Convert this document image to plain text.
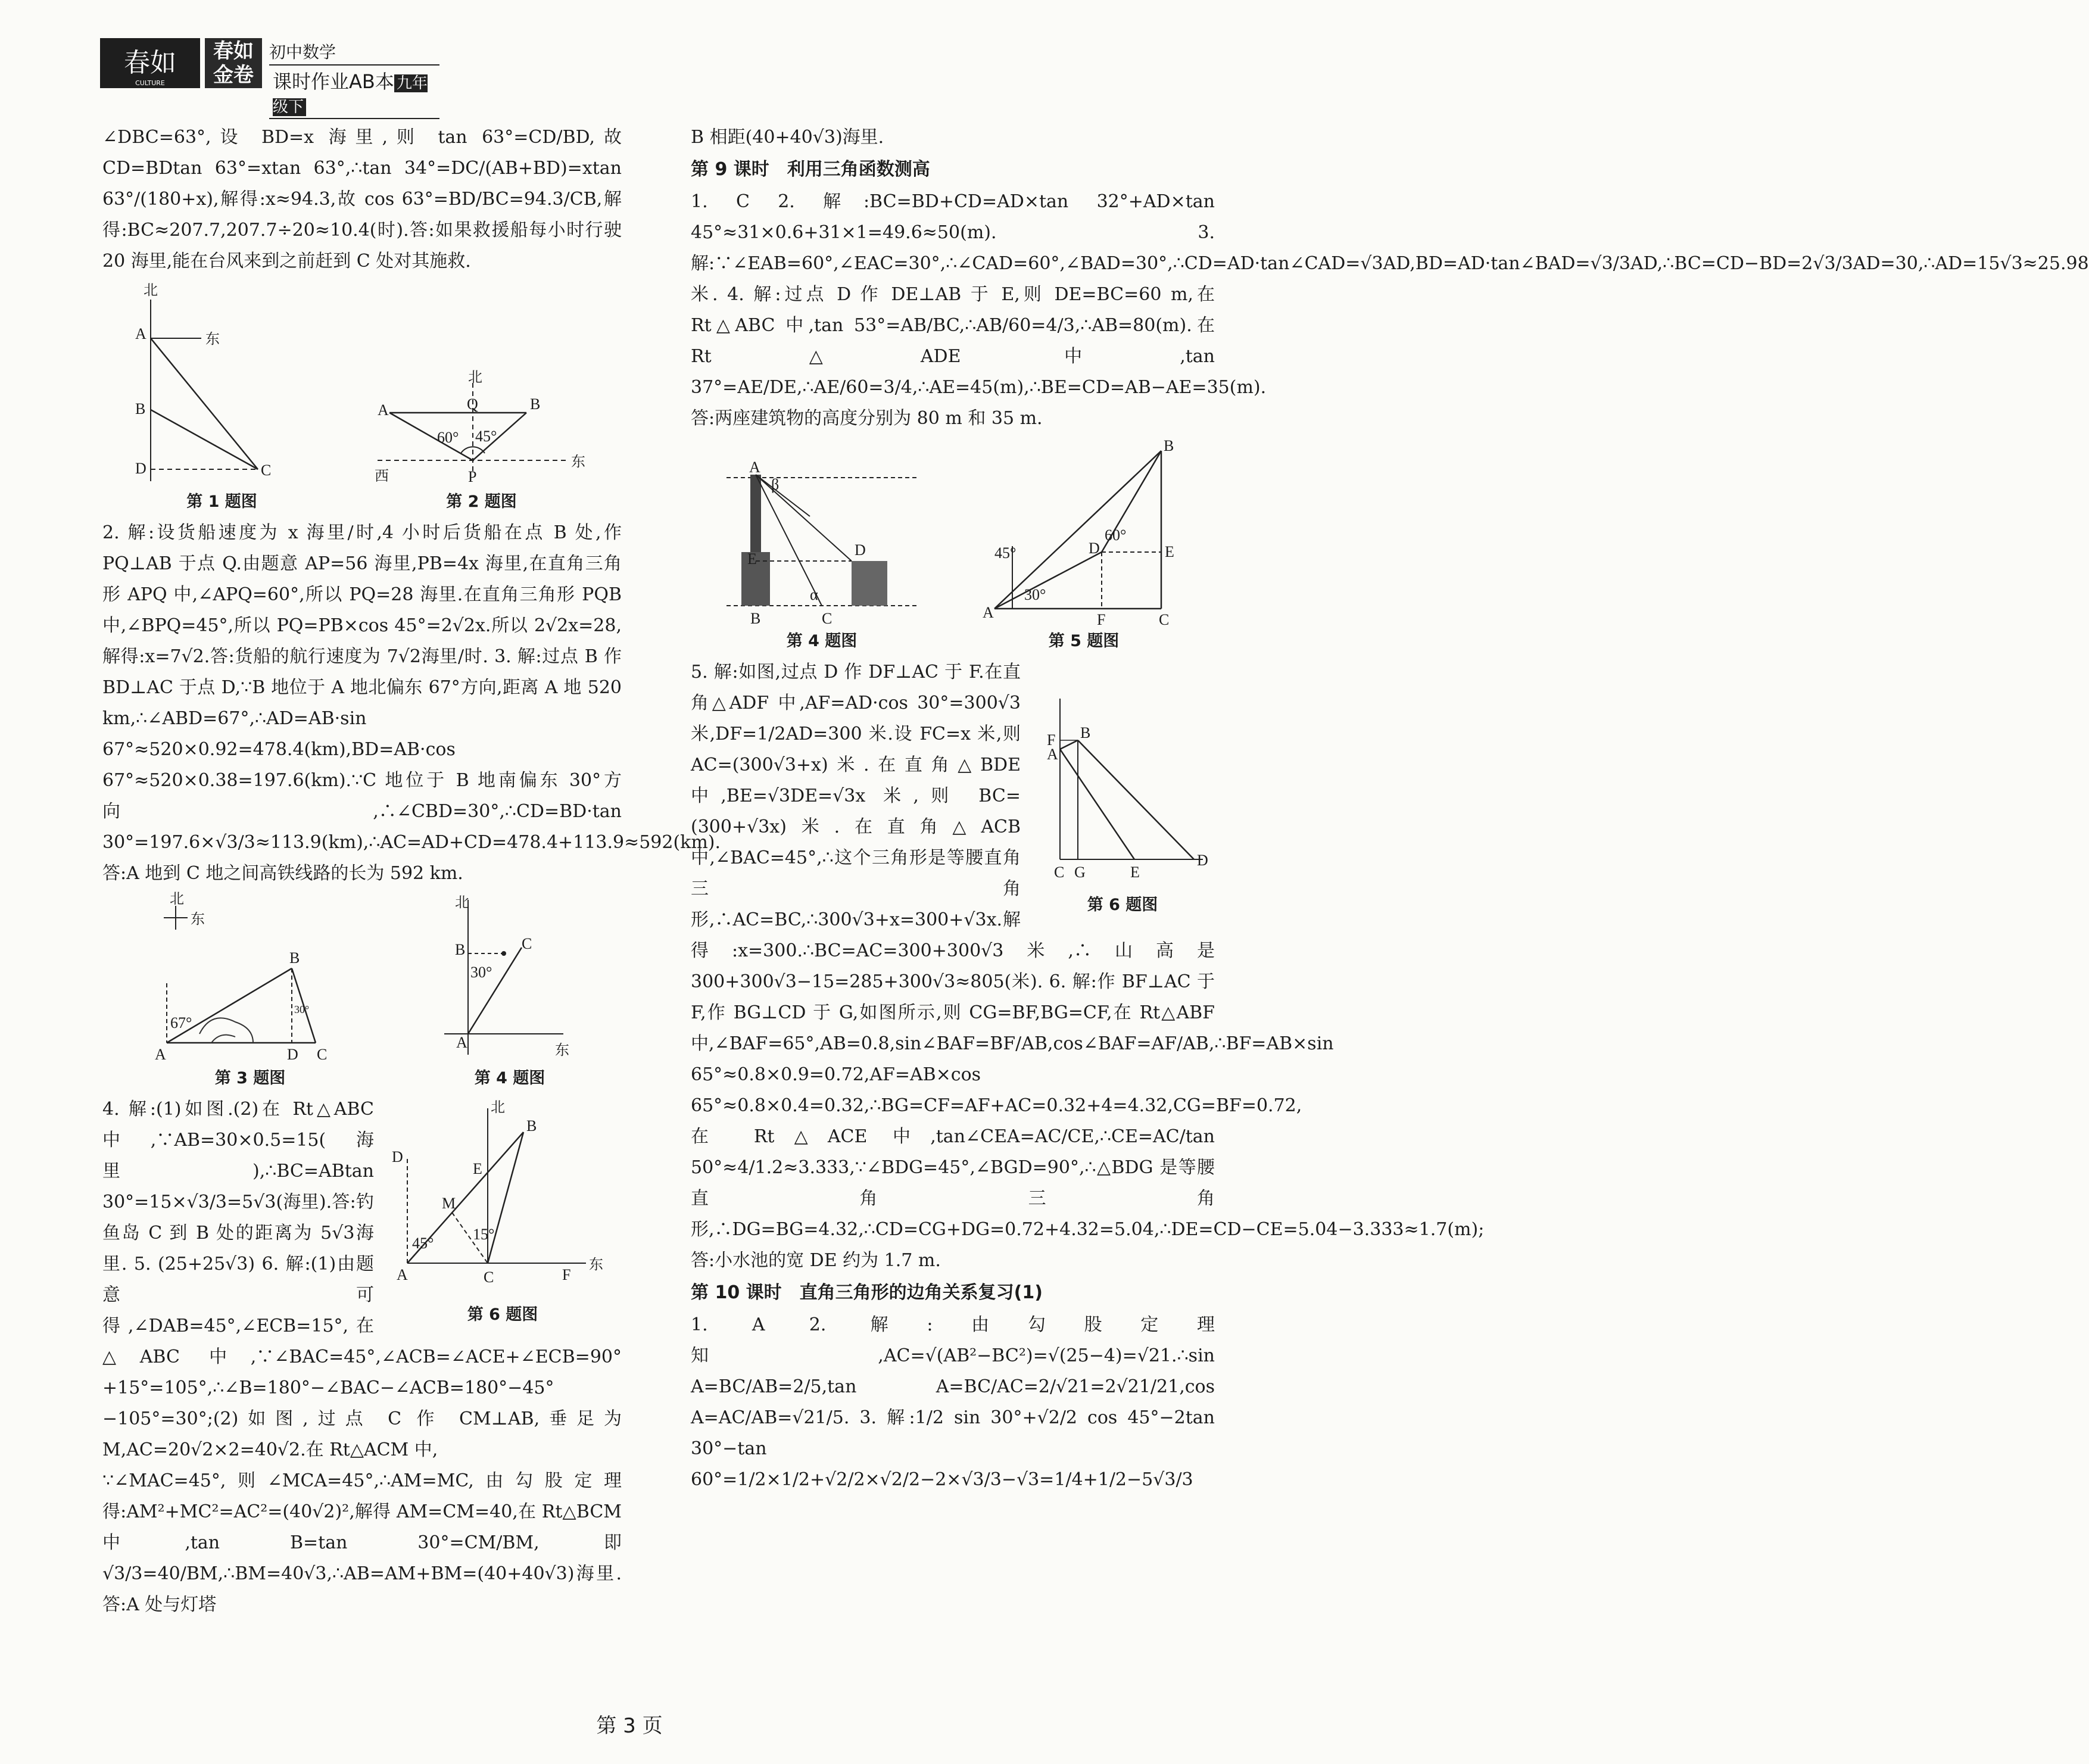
春如
CULTURE
春如
金卷
初中数学
课时作业AB本 九年级下

∠DBC=63°,设 BD=x 海里,则 tan 63°=CD/BD,故 CD=BDtan 63°=xtan 63°,∴tan 34°=DC/(AB+BD)=xtan 63°/(180+x),解得:x≈94.3,故 cos 63°=BD/BC=94.3/CB,解得:BC≈207.7,207.7÷20≈10.4(时).答:如果救援船每小时行驶 20 海里,能在台风来到之前赶到 C 处对其施救.

北
东
A
B
D	C
第 1 题图
北
Q
A	B
60° 45°
P
西
东
第 2 题图

2. 解:设货船速度为 x 海里/时,4 小时后货船在点 B 处,作 PQ⊥AB 于点 Q.由题意 AP=56 海里,PB=4x 海里,在直角三角形 APQ 中,∠APQ=60°,所以 PQ=28 海里.在直角三角形 PQB 中,∠BPQ=45°,所以 PQ=PB×cos 45°=2√2x.所以 2√2x=28,解得:x=7√2.答:货船的航行速度为 7√2海里/时. 3. 解:过点 B 作 BD⊥AC 于点 D,∵B 地位于 A 地北偏东 67°方向,距离 A 地 520 km,∴∠ABD=67°,∴AD=AB·sin 67°≈520×0.92=478.4(km),BD=AB·cos 67°≈520×0.38=197.6(km).∵C 地位于 B 地南偏东 30°方向,∴∠CBD=30°,∴CD=BD·tan 30°=197.6×√3/3≈113.9(km),∴AC=AD+CD=478.4+113.9≈592(km).答:A 地到 C 地之间高铁线路的长为 592 km.

北
东
67°
30°
A
B
D C
第 3 题图
北
东
B	C
30°
A
第 4 题图
北
东
D
B
E
M
45°
15°
A	C	F
第 6 题图

4. 解:(1)如图.(2)在 Rt△ABC 中,∵AB=30×0.5=15(海里),∴BC=ABtan 30°=15×√3/3=5√3(海里).答:钓鱼岛 C 到 B 处的距离为 5√3海里. 5. (25+25√3) 6. 解:(1)由题意可得,∠DAB=45°,∠ECB=15°,在△ABC 中,∵∠BAC=45°,∠ACB=∠ACE+∠ECB=90°+15°=105°,∴∠B=180°−∠BAC−∠ACB=180°−45°−105°=30°;(2)如图,过点 C 作 CM⊥AB,垂足为 M,AC=20√2×2=40√2.在 Rt△ACM 中,

∵∠MAC=45°,则∠MCA=45°,∴AM=MC,由勾股定理得:AM²+MC²=AC²=(40√2)²,解得 AM=CM=40,在 Rt△BCM 中,tan B=tan 30°=CM/BM,即 √3/3=40/BM,∴BM=40√3,∴AB=AM+BM=(40+40√3)海里.答:A 处与灯塔

B 相距(40+40√3)海里.

第 9 课时　利用三角函数测高

1. C 2. 解:BC=BD+CD=AD×tan 32°+AD×tan 45°≈31×0.6+31×1=49.6≈50(m). 3. 解:∵∠EAB=60°,∠EAC=30°,∴∠CAD=60°,∠BAD=30°,∴CD=AD·tan∠CAD=√3AD,BD=AD·tan∠BAD=√3/3AD,∴BC=CD−BD=2√3/3AD=30,∴AD=15√3≈25.98 米. 4. 解:过点 D 作 DE⊥AB 于 E,则 DE=BC=60 m,在 Rt△ABC 中,tan 53°=AB/BC,∴AB/60=4/3,∴AB=80(m).在 Rt△ADE 中,tan 37°=AE/DE,∴AE/60=3/4,∴AE=45(m),∴BE=CD=AB−AE=35(m).答:两座建筑物的高度分别为 80 m 和 35 m.

A
β
E
D
α
B	C
第 4 题图
B
60°
D	E
45°
30°
A	F	C
第 5 题图
F B
A
C G	E
D
第 6 题图

5. 解:如图,过点 D 作 DF⊥AC 于 F.在直角△ADF 中,AF=AD·cos 30°=300√3米,DF=1/2AD=300 米.设 FC=x 米,则 AC=(300√3+x)米.在直角△BDE 中,BE=√3DE=√3x 米,则 BC=(300+√3x)米.在直角△ACB 中,∠BAC=45°,∴这个三角形是等腰直角三角形,∴AC=BC,∴300√3+x=300+√3x.解得:x=300.∴BC=AC=300+300√3米,∴山高是 300+300√3−15=285+300√3≈805(米). 6. 解:作 BF⊥AC 于 F,作 BG⊥CD 于 G,如图所示,则 CG=BF,BG=CF,在 Rt△ABF 中,∠BAF=65°,AB=0.8,sin∠BAF=BF/AB,cos∠BAF=AF/AB,∴BF=AB×sin 65°≈0.8×0.9=0.72,AF=AB×cos 65°≈0.8×0.4=0.32,∴BG=CF=AF+AC=0.32+4=4.32,CG=BF=0.72,在 Rt△ACE 中,tan∠CEA=AC/CE,∴CE=AC/tan 50°≈4/1.2≈3.333,∵∠BDG=45°,∠BGD=90°,∴△BDG 是等腰直角三角形,∴DG=BG=4.32,∴CD=CG+DG=0.72+4.32=5.04,∴DE=CD−CE=5.04−3.333≈1.7(m);答:小水池的宽 DE 约为 1.7 m.

第 10 课时　直角三角形的边角关系复习(1)

1. A 2. 解:由勾股定理知,AC=√(AB²−BC²)=√(25−4)=√21.∴sin A=BC/AB=2/5,tan A=BC/AC=2/√21=2√21/21,cos A=AC/AB=√21/5. 3. 解:1/2 sin 30°+√2/2 cos 45°−2tan 30°−tan 60°=1/2×1/2+√2/2×√2/2−2×√3/3−√3=1/4+1/2−5√3/3

第 3 页
